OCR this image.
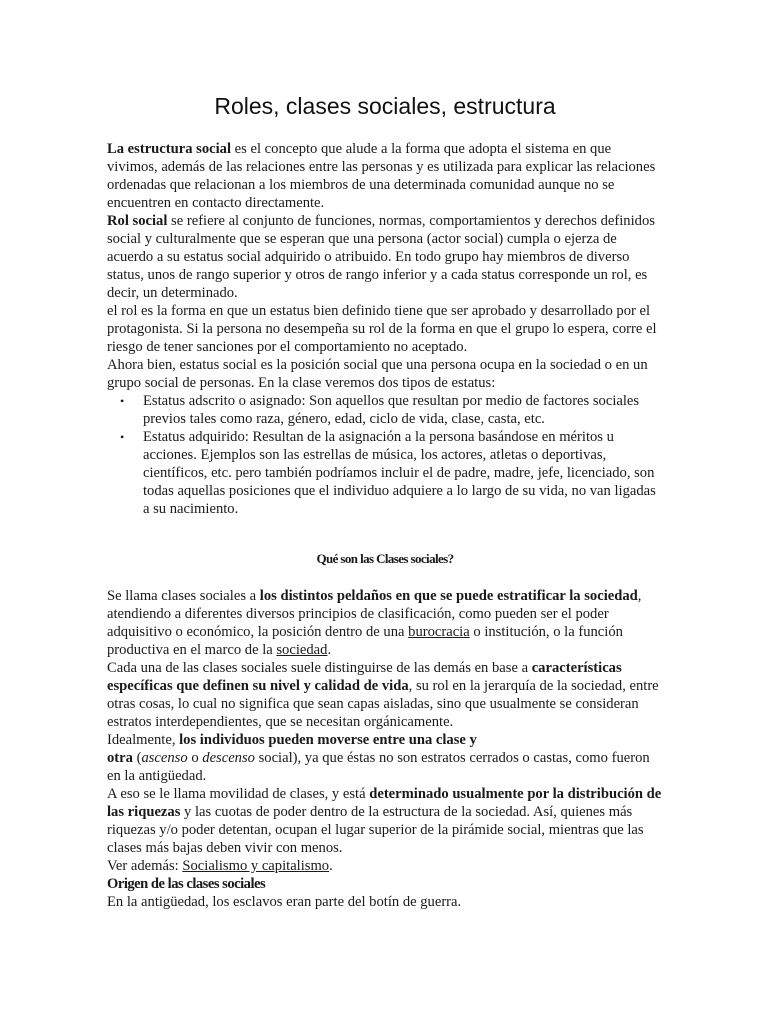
Roles, clases sociales, estructura

La estructura social es el concepto que alude a la forma que adopta el sistema en que vivimos, además de las relaciones entre las personas y es utilizada para explicar las relaciones ordenadas que relacionan a los miembros de una determinada comunidad aunque no se encuentren en contacto directamente.

Rol social se refiere al conjunto de funciones, normas, comportamientos y derechos definidos social y culturalmente que se esperan que una persona (actor social) cumpla o ejerza de acuerdo a su estatus social adquirido o atribuido. En todo grupo hay miembros de diverso status, unos de rango superior y otros de rango inferior y a cada status corresponde un rol, es decir, un determinado.

el rol es la forma en que un estatus bien definido tiene que ser aprobado y desarrollado por el protagonista. Si la persona no desempeña su rol de la forma en que el grupo lo espera, corre el riesgo de tener sanciones por el comportamiento no aceptado.

Ahora bien, estatus social es la posición social que una persona ocupa en la sociedad o en un grupo social de personas. En la clase veremos dos tipos de estatus:

• Estatus adscrito o asignado: Son aquellos que resultan por medio de factores sociales previos tales como raza, género, edad, ciclo de vida, clase, casta, etc.
• Estatus adquirido: Resultan de la asignación a la persona basándose en méritos u acciones. Ejemplos son las estrellas de música, los actores, atletas o deportivas, científicos, etc. pero también podríamos incluir el de padre, madre, jefe, licenciado, son todas aquellas posiciones que el individuo adquiere a lo largo de su vida, no van ligadas a su nacimiento.
Qué son las Clases sociales?

Se llama clases sociales a los distintos peldaños en que se puede estratificar la sociedad, atendiendo a diferentes diversos principios de clasificación, como pueden ser el poder adquisitivo o económico, la posición dentro de una burocracia o institución, o la función productiva en el marco de la sociedad.

Cada una de las clases sociales suele distinguirse de las demás en base a características específicas que definen su nivel y calidad de vida, su rol en la jerarquía de la sociedad, entre otras cosas, lo cual no significa que sean capas aisladas, sino que usualmente se consideran estratos interdependientes, que se necesitan orgánicamente.

Idealmente, los individuos pueden moverse entre una clase y
otra (ascenso o descenso social), ya que éstas no son estratos cerrados o castas, como fueron en la antigüedad.

A eso se le llama movilidad de clases, y está determinado usualmente por la distribución de las riquezas y las cuotas de poder dentro de la estructura de la sociedad. Así, quienes más riquezas y/o poder detentan, ocupan el lugar superior de la pirámide social, mientras que las clases más bajas deben vivir con menos.

Ver además: Socialismo y capitalismo.

Origen de las clases sociales

En la antigüedad, los esclavos eran parte del botín de guerra.
